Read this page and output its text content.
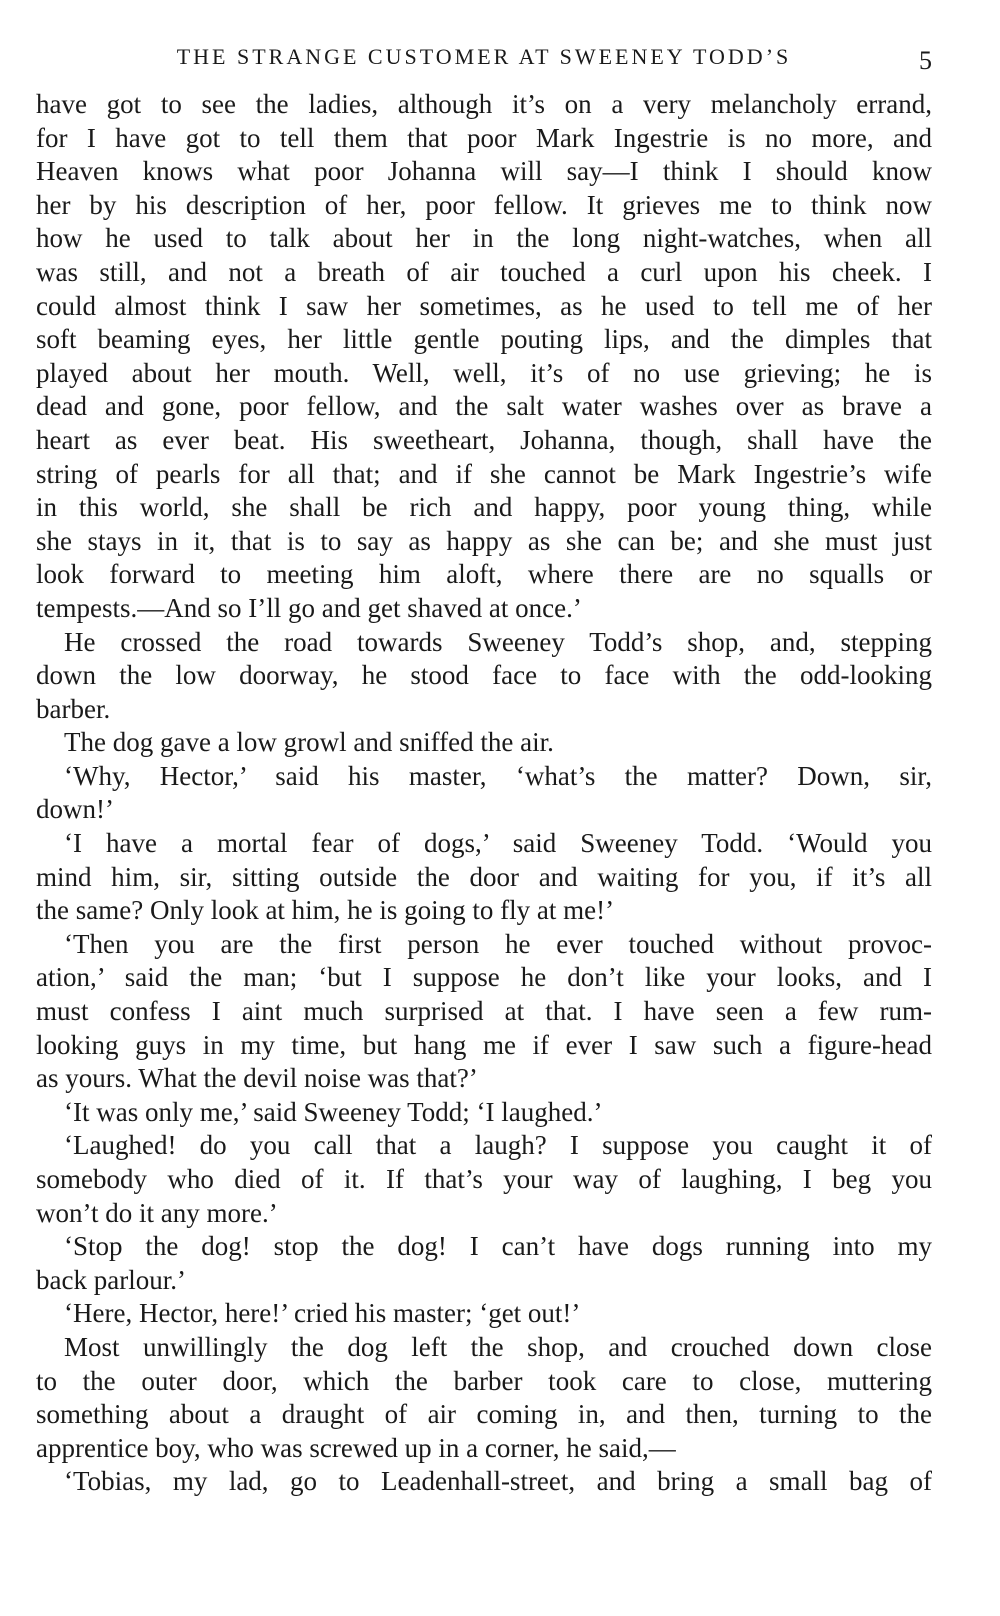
THE STRANGE CUSTOMER AT SWEENEY TODD’S	5
have got to see the ladies, although it’s on a very melancholy errand,
for I have got to tell them that poor Mark Ingestrie is no more, and
Heaven knows what poor Johanna will say—I think I should know
her by his description of her, poor fellow. It grieves me to think now
how he used to talk about her in the long night-watches, when all
was still, and not a breath of air touched a curl upon his cheek. I
could almost think I saw her sometimes, as he used to tell me of her
soft beaming eyes, her little gentle pouting lips, and the dimples that
played about her mouth. Well, well, it’s of no use grieving; he is
dead and gone, poor fellow, and the salt water washes over as brave a
heart as ever beat. His sweetheart, Johanna, though, shall have the
string of pearls for all that; and if she cannot be Mark Ingestrie’s wife
in this world, she shall be rich and happy, poor young thing, while
she stays in it, that is to say as happy as she can be; and she must just
look forward to meeting him aloft, where there are no squalls or
tempests.—And so I’ll go and get shaved at once.’
He crossed the road towards Sweeney Todd’s shop, and, stepping
down the low doorway, he stood face to face with the odd-looking
barber.
The dog gave a low growl and sniffed the air.
‘Why, Hector,’ said his master, ‘what’s the matter? Down, sir,
down!’
‘I have a mortal fear of dogs,’ said Sweeney Todd. ‘Would you
mind him, sir, sitting outside the door and waiting for you, if it’s all
the same? Only look at him, he is going to fly at me!’
‘Then you are the first person he ever touched without provoc-
ation,’ said the man; ‘but I suppose he don’t like your looks, and I
must confess I aint much surprised at that. I have seen a few rum-
looking guys in my time, but hang me if ever I saw such a figure-head
as yours. What the devil noise was that?’
‘It was only me,’ said Sweeney Todd; ‘I laughed.’
‘Laughed! do you call that a laugh? I suppose you caught it of
somebody who died of it. If that’s your way of laughing, I beg you
won’t do it any more.’
‘Stop the dog! stop the dog! I can’t have dogs running into my
back parlour.’
‘Here, Hector, here!’ cried his master; ‘get out!’
Most unwillingly the dog left the shop, and crouched down close
to the outer door, which the barber took care to close, muttering
something about a draught of air coming in, and then, turning to the
apprentice boy, who was screwed up in a corner, he said,—
‘Tobias, my lad, go to Leadenhall-street, and bring a small bag of
